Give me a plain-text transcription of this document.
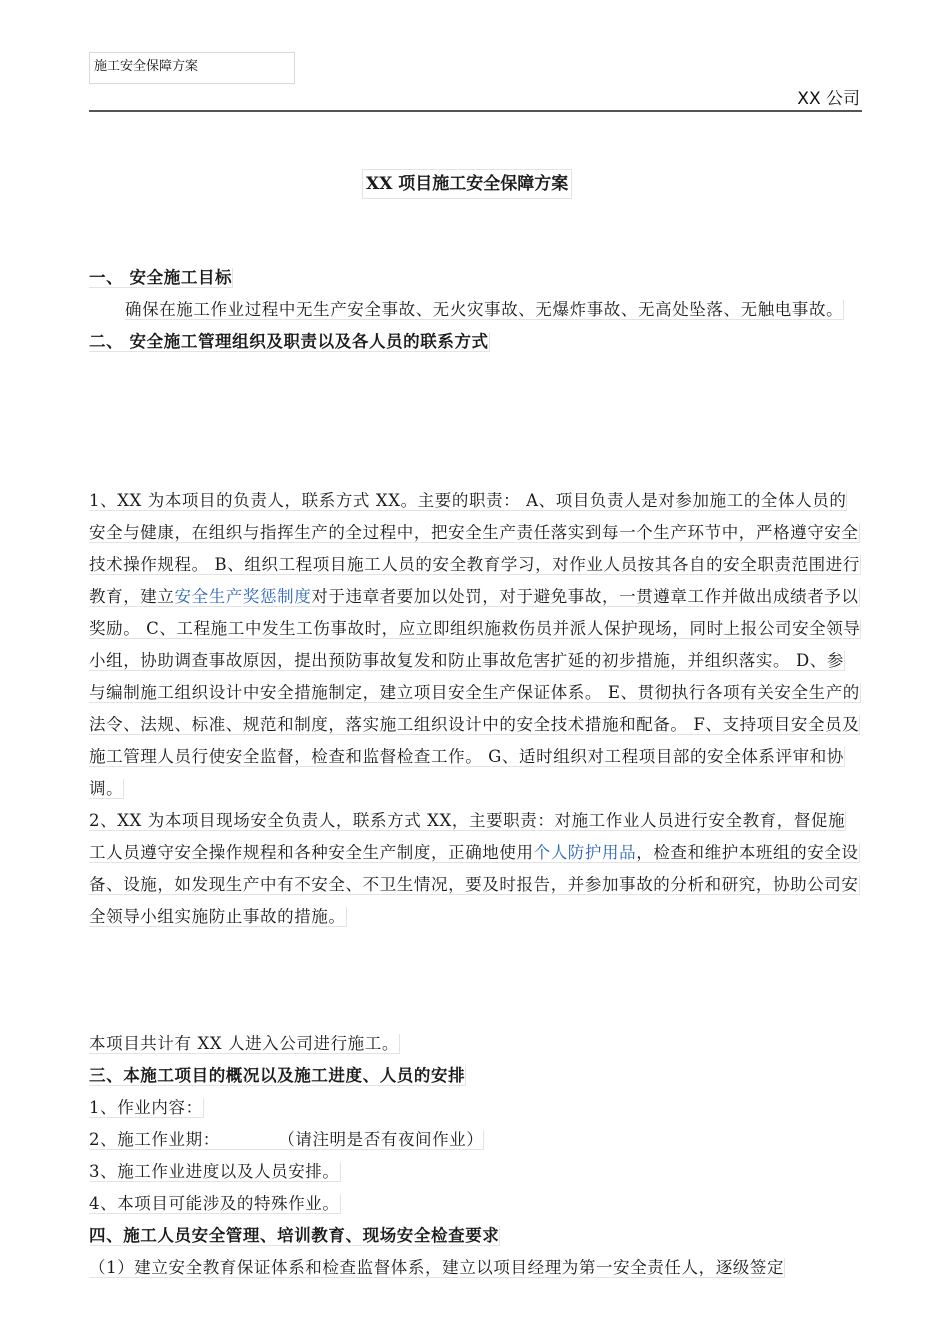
施工安全保障方案
XX 公司
XX 项目施工安全保障方案
一、 安全施工目标
确保在施工作业过程中无生产安全事故、无火灾事故、无爆炸事故、无高处坠落、无触电事故。
二、 安全施工管理组织及职责以及各人员的联系方式
1、XX 为本项目的负责人，联系方式 XX。主要的职责： A、项目负责人是对参加施工的全体人员的安全与健康，在组织与指挥生产的全过程中，把安全生产责任落实到每一个生产环节中，严格遵守安全技术操作规程。 B、组织工程项目施工人员的安全教育学习，对作业人员按其各自的安全职责范围进行教育，建立安全生产奖惩制度对于违章者要加以处罚，对于避免事故，一贯遵章工作并做出成绩者予以奖励。 C、工程施工中发生工伤事故时，应立即组织施救伤员并派人保护现场，同时上报公司安全领导小组，协助调查事故原因，提出预防事故复发和防止事故危害扩延的初步措施，并组织落实。 D、参与编制施工组织设计中安全措施制定，建立项目安全生产保证体系。 E、贯彻执行各项有关安全生产的法令、法规、标准、规范和制度，落实施工组织设计中的安全技术措施和配备。 F、支持项目安全员及施工管理人员行使安全监督，检查和监督检查工作。 G、适时组织对工程项目部的安全体系评审和协调。
2、XX 为本项目现场安全负责人，联系方式 XX，主要职责：对施工作业人员进行安全教育，督促施工人员遵守安全操作规程和各种安全生产制度，正确地使用个人防护用品，检查和维护本班组的安全设备、设施，如发现生产中有不安全、不卫生情况，要及时报告，并参加事故的分析和研究，协助公司安全领导小组实施防止事故的措施。
本项目共计有 XX 人进入公司进行施工。
三、本施工项目的概况以及施工进度、人员的安排
1、作业内容：
2、施工作业期：          （请注明是否有夜间作业）
3、施工作业进度以及人员安排。
4、本项目可能涉及的特殊作业。
四、施工人员安全管理、培训教育、现场安全检查要求
（1）建立安全教育保证体系和检查监督体系，建立以项目经理为第一安全责任人，逐级签定
